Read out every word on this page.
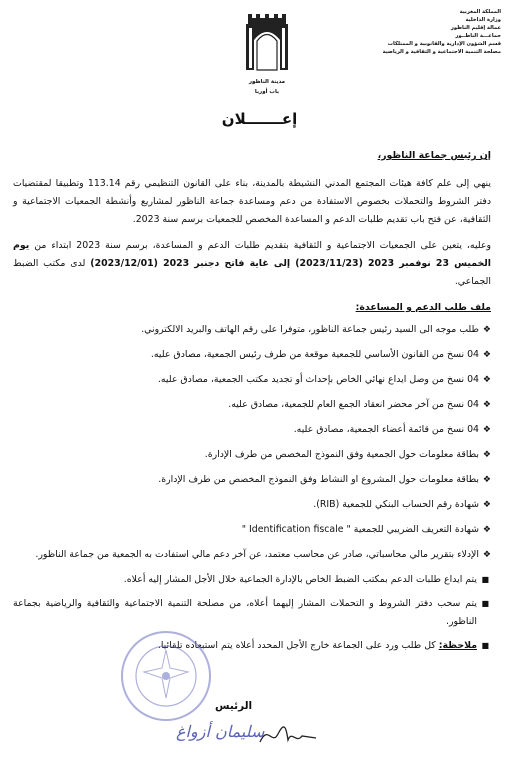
المملكة المغربية
وزارة الداخلية
عمالة إقليم الناظور
جماعـــة الناظــور
قسم الشؤون الإدارية والقانونية و الممتلكات
مصلحة التنمية الاجتماعية و الثقافية و الرياضية
مدينة الناظور
باب أوربا
إعـــــــلان
إن رئيس جماعة الناظور،
ينهي إلى علم كافة هيئات المجتمع المدني النشيطة بالمدينة، بناء على القانون التنظيمي رقم 113.14 وتطبيقا لمقتضيات دفتر الشروط والتحملات بخصوص الاستفادة من دعم ومساعدة جماعة الناظور لمشاريع وأنشطة الجمعيات الاجتماعية و الثقافية، عن فتح باب تقديم طلبات الدعم و المساعدة المخصص للجمعيات برسم سنة 2023.
وعليه، يتعين على الجمعيات الاجتماعية و الثقافية بتقديم طلبات الدعم و المساعدة، برسم سنة 2023 ابتداء من يوم الخميس 23 نوفمبر 2023 (2023/11/23) إلى غاية فاتح دجنبر 2023 (2023/12/01) لدى مكتب الضبط الجماعي.
ملف طلب الدعم و المساعدة:
❖
طلب موجه الى السيد رئيس جماعة الناظور، متوفرا على رقم الهاتف والبريد الالكتروني.
❖
04 نسخ من القانون الأساسي للجمعية موقعة من طرف رئيس الجمعية، مصادق عليه.
❖
04 نسخ من وصل ايداع نهائي الخاص بإحداث أو تجديد مكتب الجمعية، مصادق عليه.
❖
04 نسخ من آخر محضر انعقاد الجمع العام للجمعية، مصادق عليه.
❖
04 نسخ من قائمة أعضاء الجمعية، مصادق عليه.
❖
بطاقة معلومات حول الجمعية وفق النموذج المخصص من طرف الإدارة.
❖
بطاقة معلومات حول المشروع او النشاط وفق النموذج المخصص من طرف الإدارة.
❖
شهادة رقم الحساب البنكي للجمعية (RIB).
❖
شهادة التعريف الضريبي للجمعية " Identification fiscale "
❖
الإدلاء بتقرير مالي محاسباتي، صادر عن محاسب معتمد، عن آخر دعم مالي استفادت به الجمعية من جماعة الناظور.
■
يتم ايداع طلبات الدعم بمكتب الضبط الخاص بالإدارة الجماعية خلال الأجل المشار إليه أعلاه.
■
يتم سحب دفتر الشروط و التحملات المشار إليهما أعلاه، من مصلحة التنمية الاجتماعية والثقافية والرياضية بجماعة الناظور.
■
ملاحظة: كل طلب ورد على الجماعة خارج الأجل المحدد أعلاه يتم استبعاده تلقائيا.
الرئيس
سليمان أزواغ
